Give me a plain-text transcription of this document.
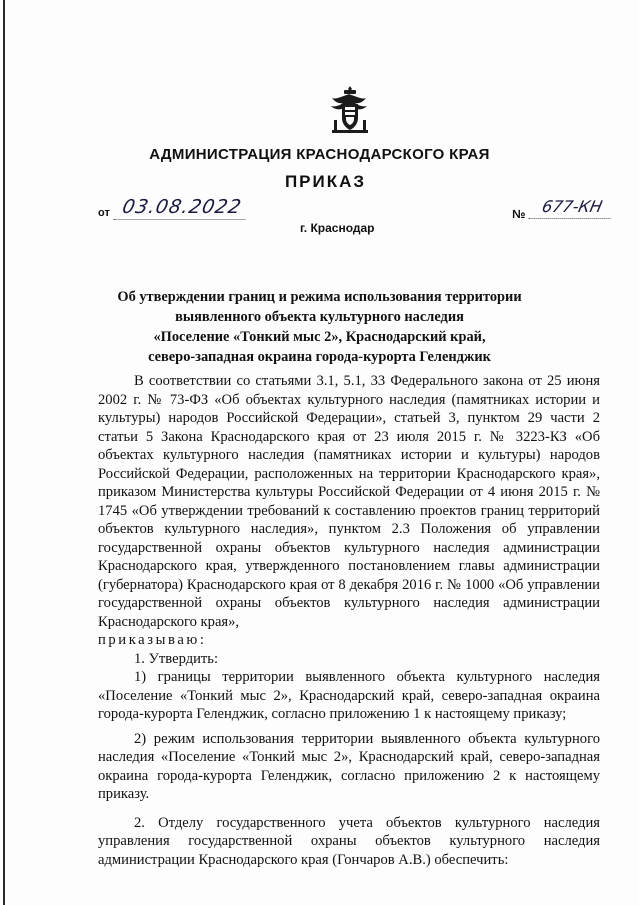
АДМИНИСТРАЦИЯ КРАСНОДАРСКОГО КРАЯ
ПРИКАЗ
от 03.08.2022	№ 677-КН
г. Краснодар
Об утверждении границ и режима использования территории
выявленного объекта культурного наследия
«Поселение «Тонкий мыс 2», Краснодарский край,
северо-западная окраина города-курорта Геленджик

В соответствии со статьями 3.1, 5.1, 33 Федерального закона от 25 июня 2002 г. № 73-ФЗ «Об объектах культурного наследия (памятниках истории и культуры) народов Российской Федерации», статьей 3, пунктом 29 части 2 статьи 5 Закона Краснодарского края от 23 июля 2015 г. № 3223-КЗ «Об объектах культурного наследия (памятниках истории и культуры) народов Российской Федерации, расположенных на территории Краснодарского края», приказом Министерства культуры Российской Федерации от 4 июня 2015 г. № 1745 «Об утверждении требований к составлению проектов границ территорий объектов культурного наследия», пунктом 2.3 Положения об управлении государственной охраны объектов культурного наследия администрации Краснодарского края, утвержденного постановлением главы администрации (губернатора) Краснодарского края от 8 декабря 2016 г. № 1000 «Об управлении государственной охраны объектов культурного наследия администрации Краснодарского края»,

приказываю:

1. Утвердить:

1) границы территории выявленного объекта культурного наследия «Поселение «Тонкий мыс 2», Краснодарский край, северо-западная окраина города-курорта Геленджик, согласно приложению 1 к настоящему приказу;

2) режим использования территории выявленного объекта культурного наследия «Поселение «Тонкий мыс 2», Краснодарский край, северо-западная окраина города-курорта Геленджик, согласно приложению 2 к настоящему приказу.

2. Отделу государственного учета объектов культурного наследия управления государственной охраны объектов культурного наследия администрации Краснодарского края (Гончаров А.В.) обеспечить:
